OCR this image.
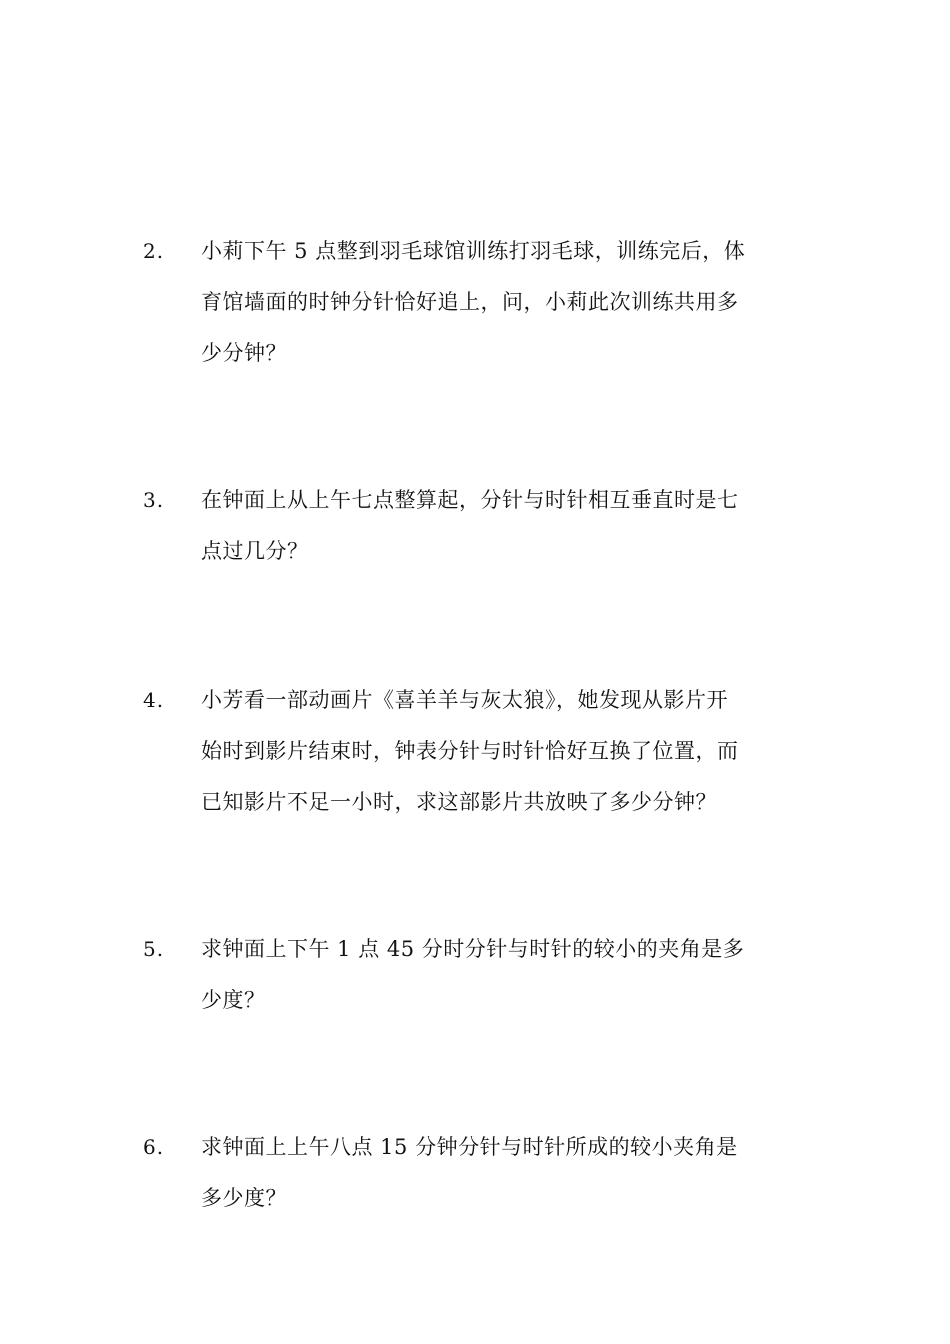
2. 小莉下午 5 点整到羽毛球馆训练打羽毛球，训练完后，体
育馆墙面的时钟分针恰好追上，问，小莉此次训练共用多
少分钟？

3. 在钟面上从上午七点整算起，分针与时针相互垂直时是七
点过几分？

4. 小芳看一部动画片《喜羊羊与灰太狼》，她发现从影片开
始时到影片结束时，钟表分针与时针恰好互换了位置，而
已知影片不足一小时，求这部影片共放映了多少分钟？

5. 求钟面上下午 1 点 45 分时分针与时针的较小的夹角是多
少度？

6. 求钟面上上午八点 15 分钟分针与时针所成的较小夹角是
多少度？
